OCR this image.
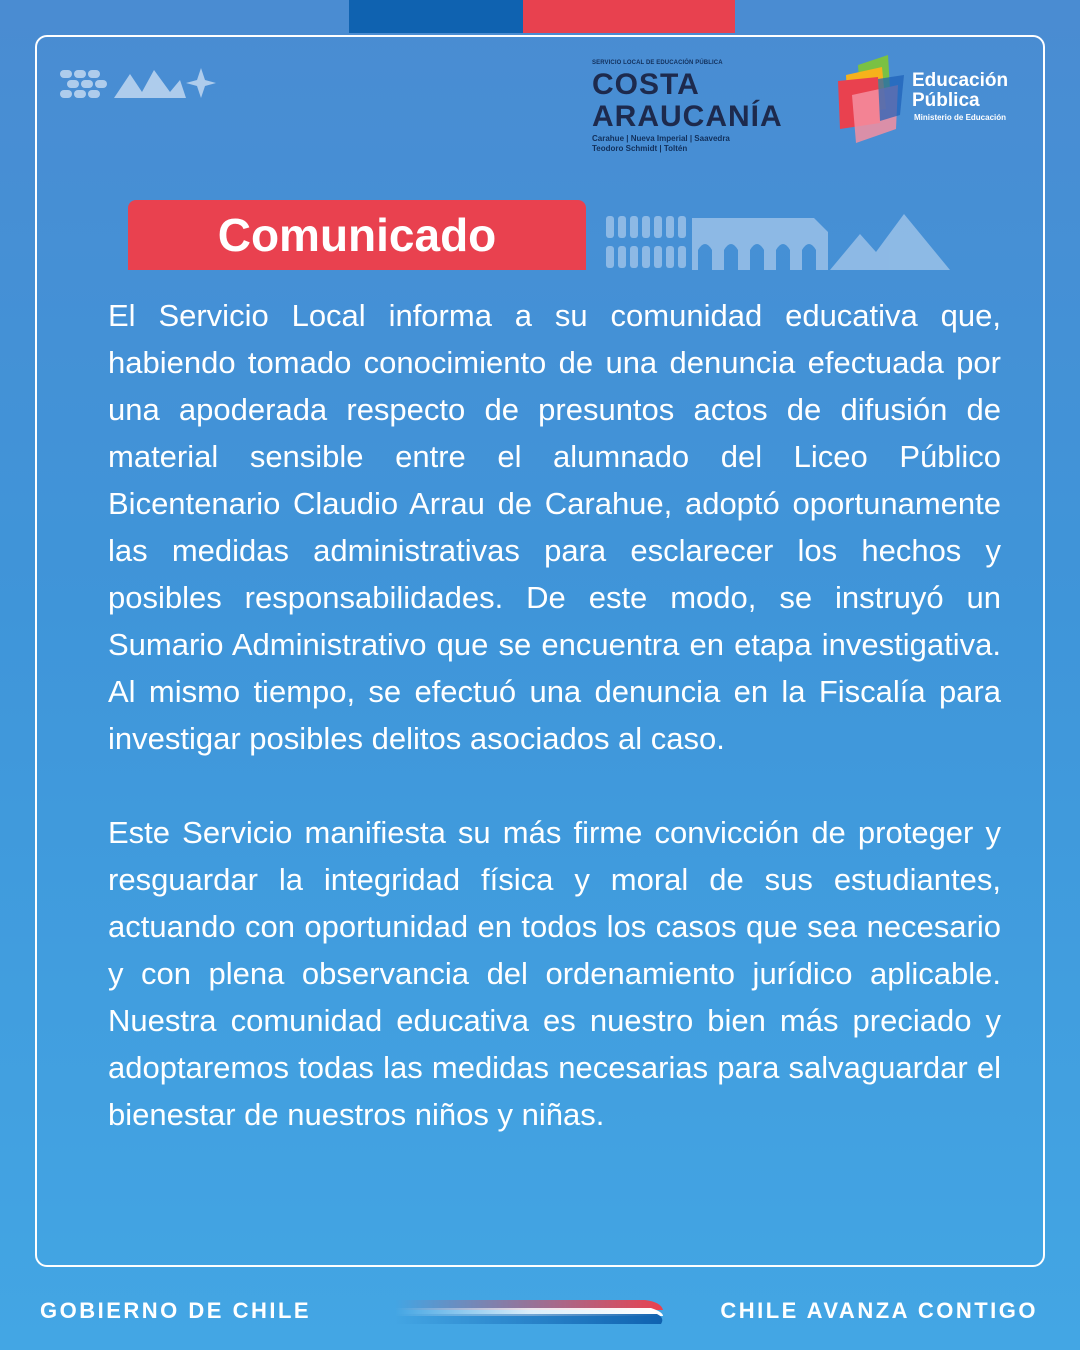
SERVICIO LOCAL DE EDUCACIÓN PÚBLICA
COSTA
ARAUCANÍA
Carahue | Nueva Imperial | Saavedra
Teodoro Schmidt | Toltén
Educación
Pública
Ministerio de Educación
Comunicado

El Servicio Local informa a su comunidad educativa que, habiendo tomado conocimiento de una denuncia efectuada por una apoderada respecto de presuntos actos de difusión de material sensible entre el alumnado del Liceo Público Bicentenario Claudio Arrau de Carahue, adoptó oportunamente las medidas administrativas para esclarecer los hechos y posibles responsabilidades. De este modo, se instruyó un Sumario Administrativo que se encuentra en etapa investigativa. Al mismo tiempo, se efectuó una denuncia en la Fiscalía para investigar posibles delitos asociados al caso.

Este Servicio manifiesta su más firme convicción de proteger y resguardar la integridad física y moral de sus estudiantes, actuando con oportunidad en todos los casos que sea necesario y con plena observancia del ordenamiento jurídico aplicable. Nuestra comunidad educativa es nuestro bien más preciado y adoptaremos todas las medidas necesarias para salvaguardar el bienestar de nuestros niños y niñas.

GOBIERNO DE CHILE	CHILE AVANZA CONTIGO
